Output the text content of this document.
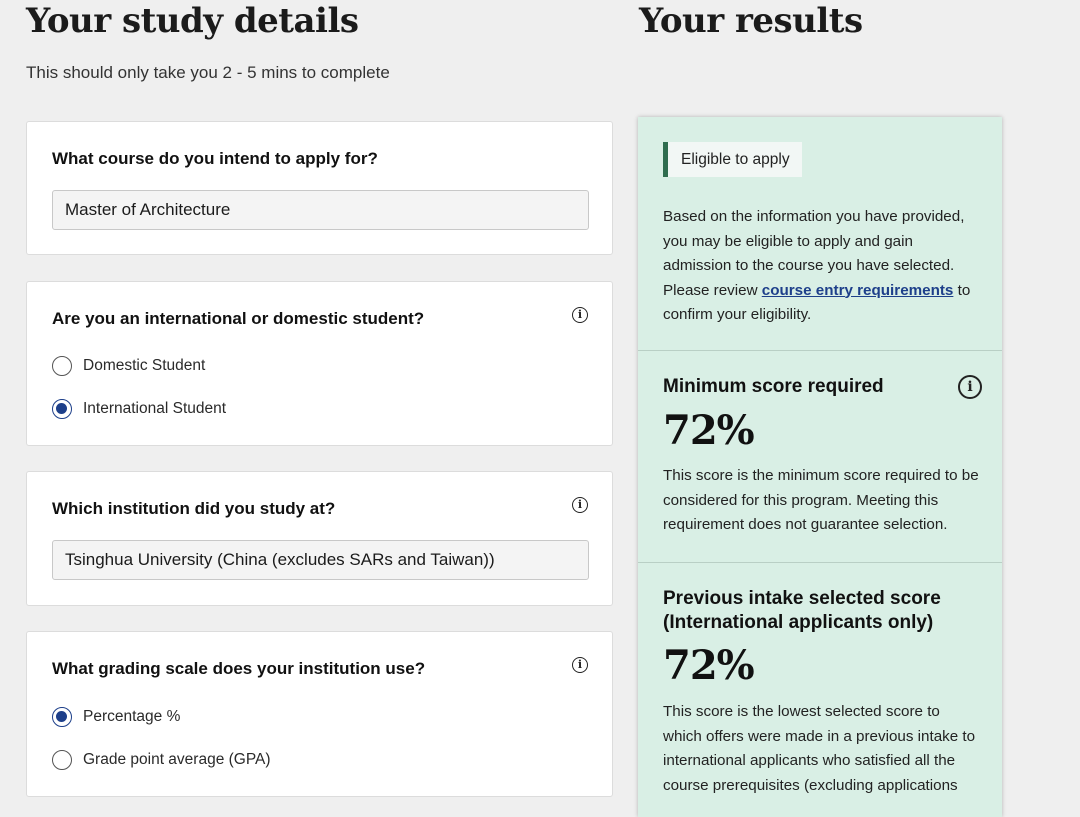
Your study details

This should only take you 2 - 5 mins to complete

Your results
What course do you intend to apply for?
Master of Architecture
Are you an international or domestic student?	i
Domestic Student
International Student
Which institution did you study at?	i
Tsinghua University (China (excludes SARs and Taiwan))
What grading scale does your institution use?	i
Percentage %
Grade point average (GPA)
Eligible to apply
Based on the information you have provided, you may be eligible to apply and gain admission to the course you have selected. Please review course entry requirements to confirm your eligibility.
Minimum score required	i
72%
This score is the minimum score required to be considered for this program. Meeting this requirement does not guarantee selection.
Previous intake selected score (International applicants only)
72%
This score is the lowest selected score to which offers were made in a previous intake to international applicants who satisfied all the course prerequisites (excluding applications
